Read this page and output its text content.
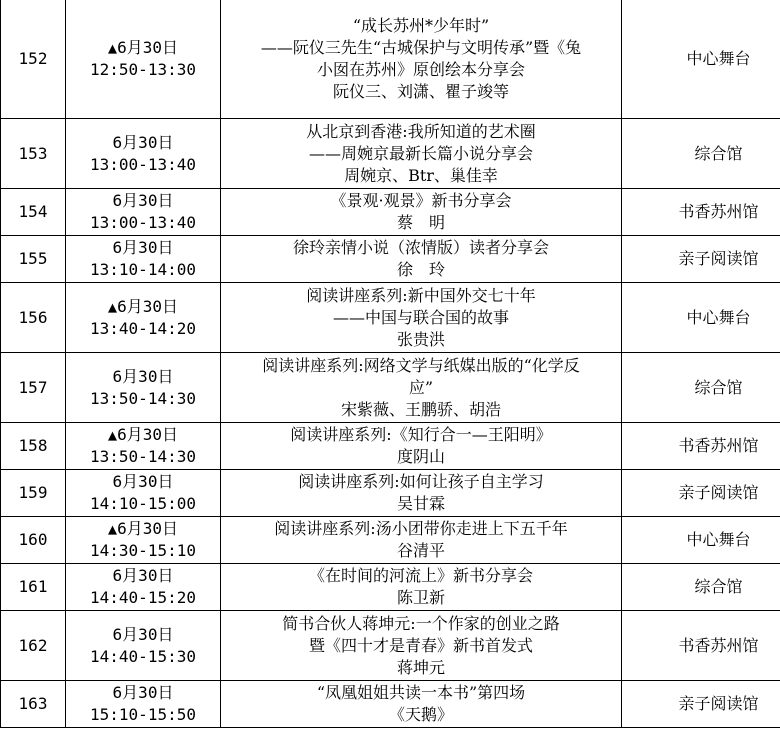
152	▲6月30日
12:50-13:30	“成长苏州*少年时”
——阮仪三先生“古城保护与文明传承”暨《兔
小囡在苏州》原创绘本分享会
阮仪三、刘潇、瞿子竣等	中心舞台
153	6月30日
13:00-13:40	从北京到香港:我所知道的艺术圈
——周婉京最新长篇小说分享会
周婉京、Btr、巢佳幸	综合馆
154	6月30日
13:00-13:40	《景观·观景》新书分享会
蔡　明	书香苏州馆
155	6月30日
13:10-14:00	徐玲亲情小说（浓情版）读者分享会
徐　玲	亲子阅读馆
156	▲6月30日
13:40-14:20	阅读讲座系列:新中国外交七十年
——中国与联合国的故事
张贵洪	中心舞台
157	6月30日
13:50-14:30	阅读讲座系列:网络文学与纸媒出版的“化学反
应”
宋紫薇、王鹏骄、胡浩	综合馆
158	▲6月30日
13:50-14:30	阅读讲座系列:《知行合一—王阳明》
度阴山	书香苏州馆
159	6月30日
14:10-15:00	阅读讲座系列:如何让孩子自主学习
吴甘霖	亲子阅读馆
160	▲6月30日
14:30-15:10	阅读讲座系列:汤小团带你走进上下五千年
谷清平	中心舞台
161	6月30日
14:40-15:20	《在时间的河流上》新书分享会
陈卫新	综合馆
162	6月30日
14:40-15:30	简书合伙人蒋坤元:一个作家的创业之路
暨《四十才是青春》新书首发式
蒋坤元	书香苏州馆
163	6月30日
15:10-15:50	“凤凰姐姐共读一本书”第四场
《天鹅》	亲子阅读馆
